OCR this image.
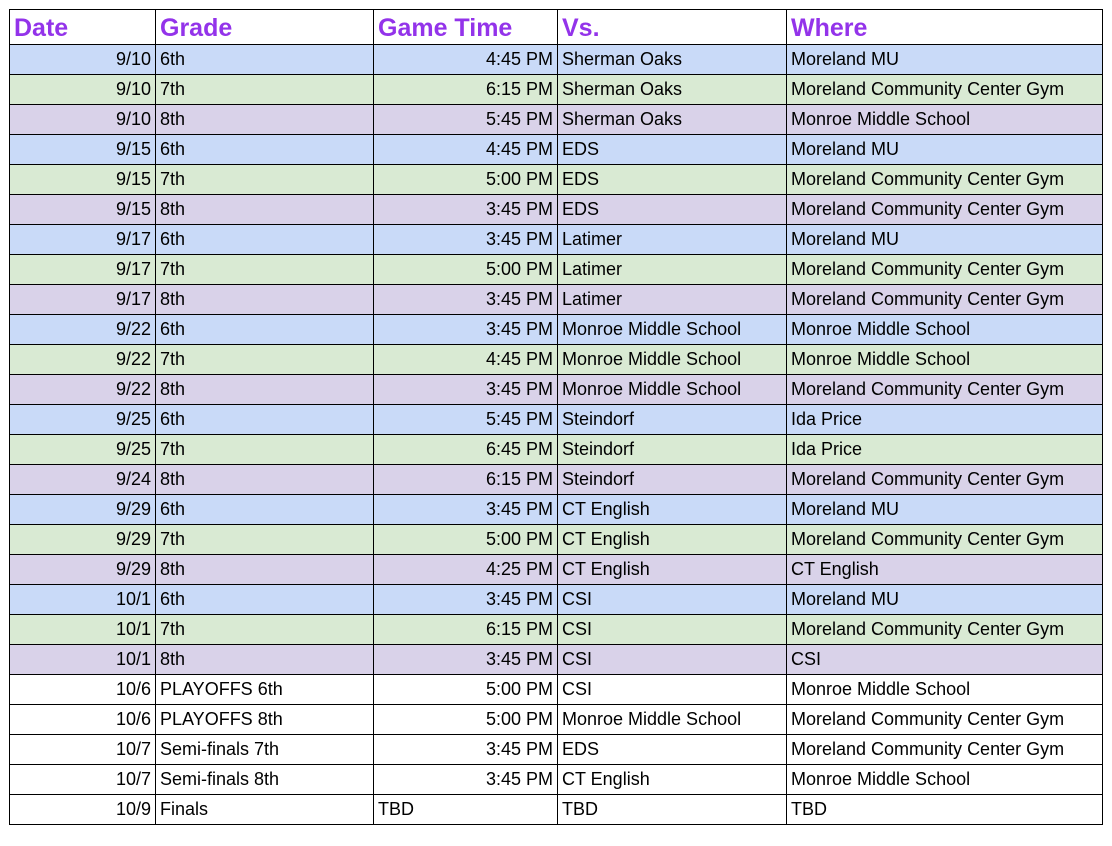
Date	Grade	Game Time	Vs.	Where
9/10	6th	4:45 PM	Sherman Oaks	Moreland MU
9/10	7th	6:15 PM	Sherman Oaks	Moreland Community Center Gym
9/10	8th	5:45 PM	Sherman Oaks	Monroe Middle School
9/15	6th	4:45 PM	EDS	Moreland MU
9/15	7th	5:00 PM	EDS	Moreland Community Center Gym
9/15	8th	3:45 PM	EDS	Moreland Community Center Gym
9/17	6th	3:45 PM	Latimer	Moreland MU
9/17	7th	5:00 PM	Latimer	Moreland Community Center Gym
9/17	8th	3:45 PM	Latimer	Moreland Community Center Gym
9/22	6th	3:45 PM	Monroe Middle School	Monroe Middle School
9/22	7th	4:45 PM	Monroe Middle School	Monroe Middle School
9/22	8th	3:45 PM	Monroe Middle School	Moreland Community Center Gym
9/25	6th	5:45 PM	Steindorf	Ida Price
9/25	7th	6:45 PM	Steindorf	Ida Price
9/24	8th	6:15 PM	Steindorf	Moreland Community Center Gym
9/29	6th	3:45 PM	CT English	Moreland MU
9/29	7th	5:00 PM	CT English	Moreland Community Center Gym
9/29	8th	4:25 PM	CT English	CT English
10/1	6th	3:45 PM	CSI	Moreland MU
10/1	7th	6:15 PM	CSI	Moreland Community Center Gym
10/1	8th	3:45 PM	CSI	CSI
10/6	PLAYOFFS 6th	5:00 PM	CSI	Monroe Middle School
10/6	PLAYOFFS 8th	5:00 PM	Monroe Middle School	Moreland Community Center Gym
10/7	Semi-finals 7th	3:45 PM	EDS	Moreland Community Center Gym
10/7	Semi-finals 8th	3:45 PM	CT English	Monroe Middle School
10/9	Finals	TBD	TBD	TBD
